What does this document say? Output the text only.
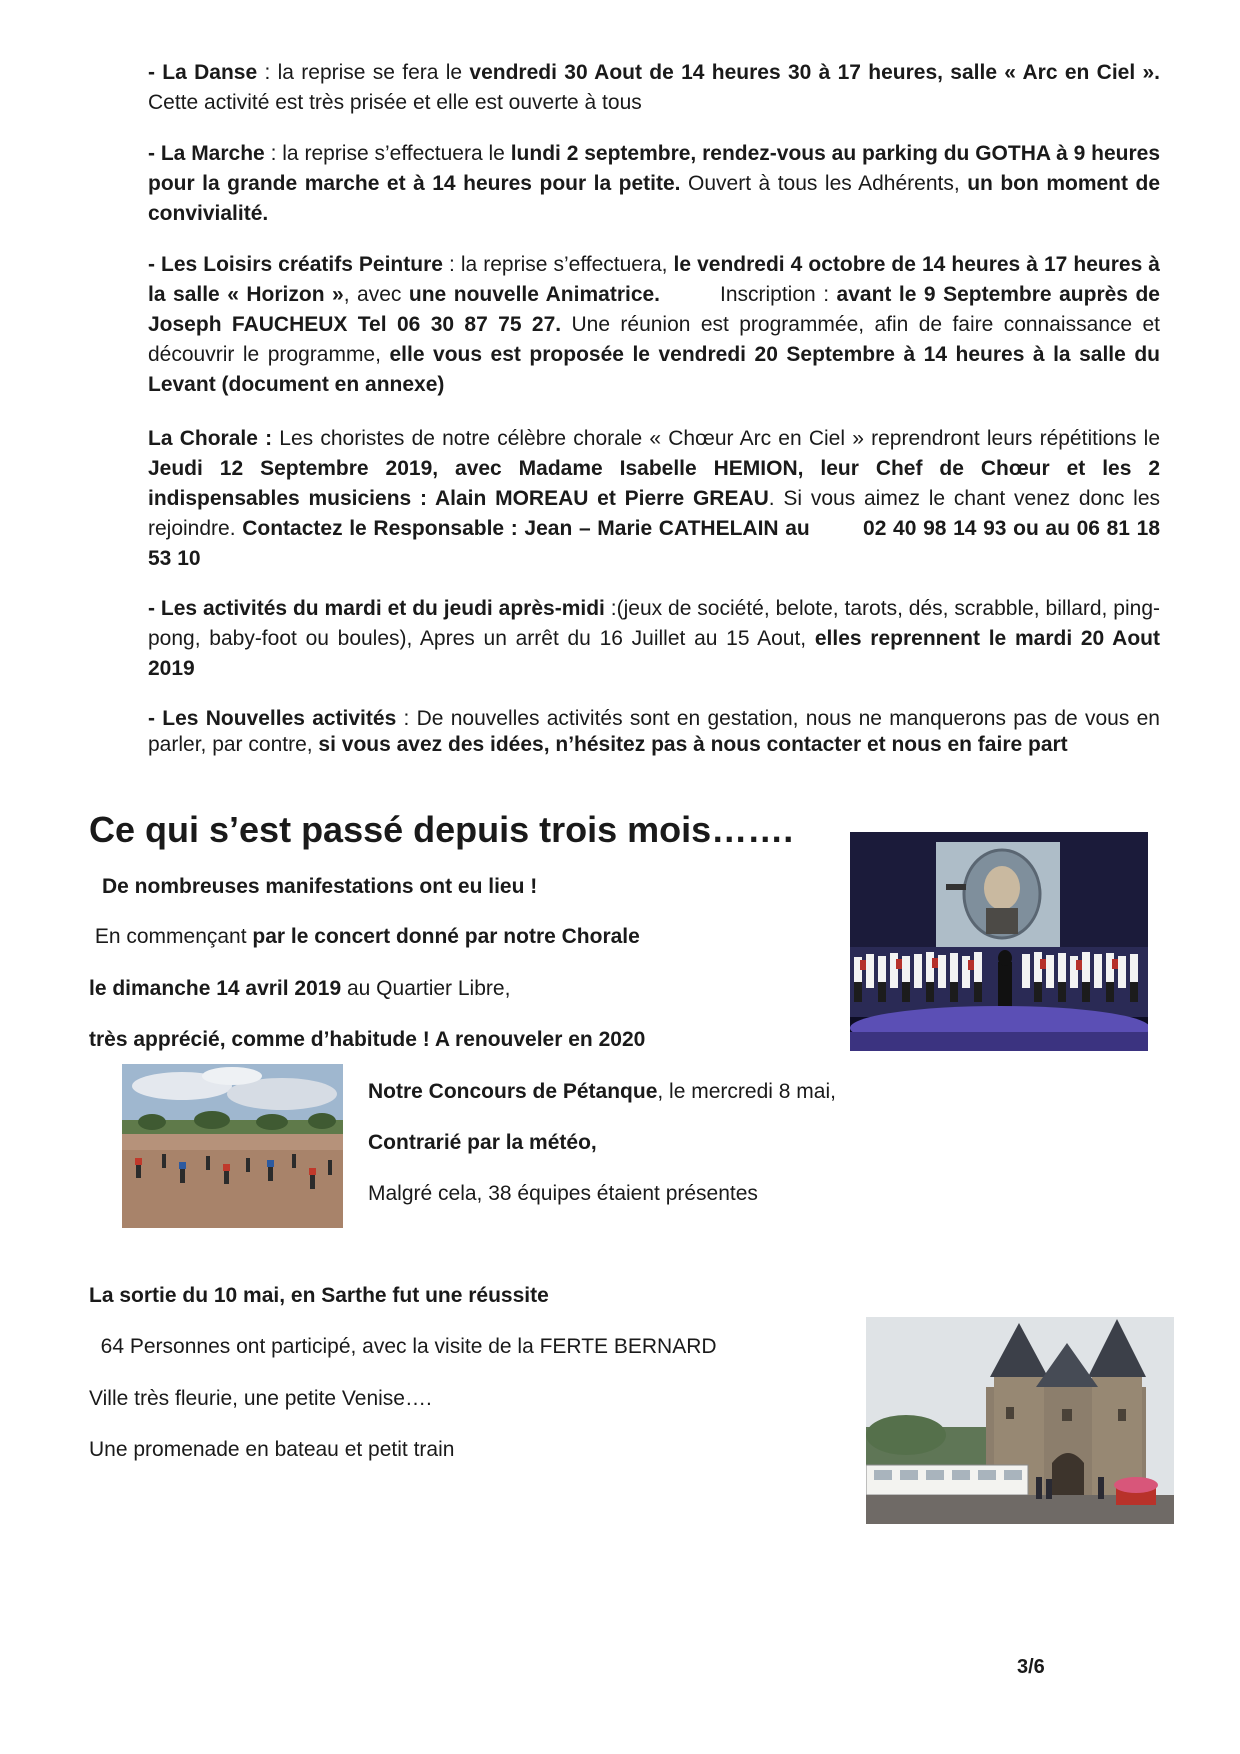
- La Danse : la reprise se fera le vendredi 30 Aout de 14 heures 30 à 17 heures, salle « Arc en Ciel ». Cette activité est très prisée et elle est ouverte à tous

- La Marche : la reprise s’effectuera le lundi 2 septembre, rendez-vous au parking du GOTHA à 9 heures pour la grande marche et à 14 heures pour la petite. Ouvert à tous les Adhérents, un bon moment de convivialité.

- Les Loisirs créatifs Peinture : la reprise s’effectuera, le vendredi 4 octobre de 14 heures à 17 heures à la salle « Horizon », avec une nouvelle Animatrice.        Inscription : avant le 9 Septembre auprès de Joseph FAUCHEUX Tel 06 30 87 75 27. Une réunion est programmée, afin de faire connaissance et découvrir le programme, elle vous est proposée le vendredi 20 Septembre à 14 heures à la salle du Levant (document en annexe)

La Chorale : Les choristes de notre célèbre chorale « Chœur Arc en Ciel » reprendront leurs répétitions le Jeudi 12 Septembre 2019, avec Madame Isabelle HEMION, leur Chef de Chœur et les 2 indispensables musiciens : Alain MOREAU et Pierre GREAU. Si vous aimez le chant venez donc les rejoindre. Contactez le Responsable : Jean – Marie CATHELAIN au        02 40 98 14 93 ou au 06 81 18 53 10

- Les activités du mardi et du jeudi après-midi :(jeux de société, belote, tarots, dés, scrabble, billard, ping-pong, baby-foot ou boules), Apres un arrêt du 16 Juillet au 15 Aout, elles reprennent le mardi 20 Aout 2019

- Les Nouvelles activités : De nouvelles activités sont en gestation, nous ne manquerons pas de vous en parler, par contre, si vous avez des idées, n’hésitez pas à nous contacter et nous en faire part

Ce qui s’est passé depuis trois mois…….

De nombreuses manifestations ont eu lieu !

En commençant par le concert donné par notre Chorale

le dimanche 14 avril 2019 au Quartier Libre,

très apprécié, comme d’habitude ! A renouveler en 2020

Notre Concours de Pétanque, le mercredi 8 mai,

Contrarié par la météo,

Malgré cela, 38 équipes étaient présentes

La sortie du 10 mai, en Sarthe fut une réussite

64 Personnes ont participé, avec la visite de la FERTE BERNARD

Ville très fleurie, une petite Venise….

Une promenade en bateau et petit train

3/6
